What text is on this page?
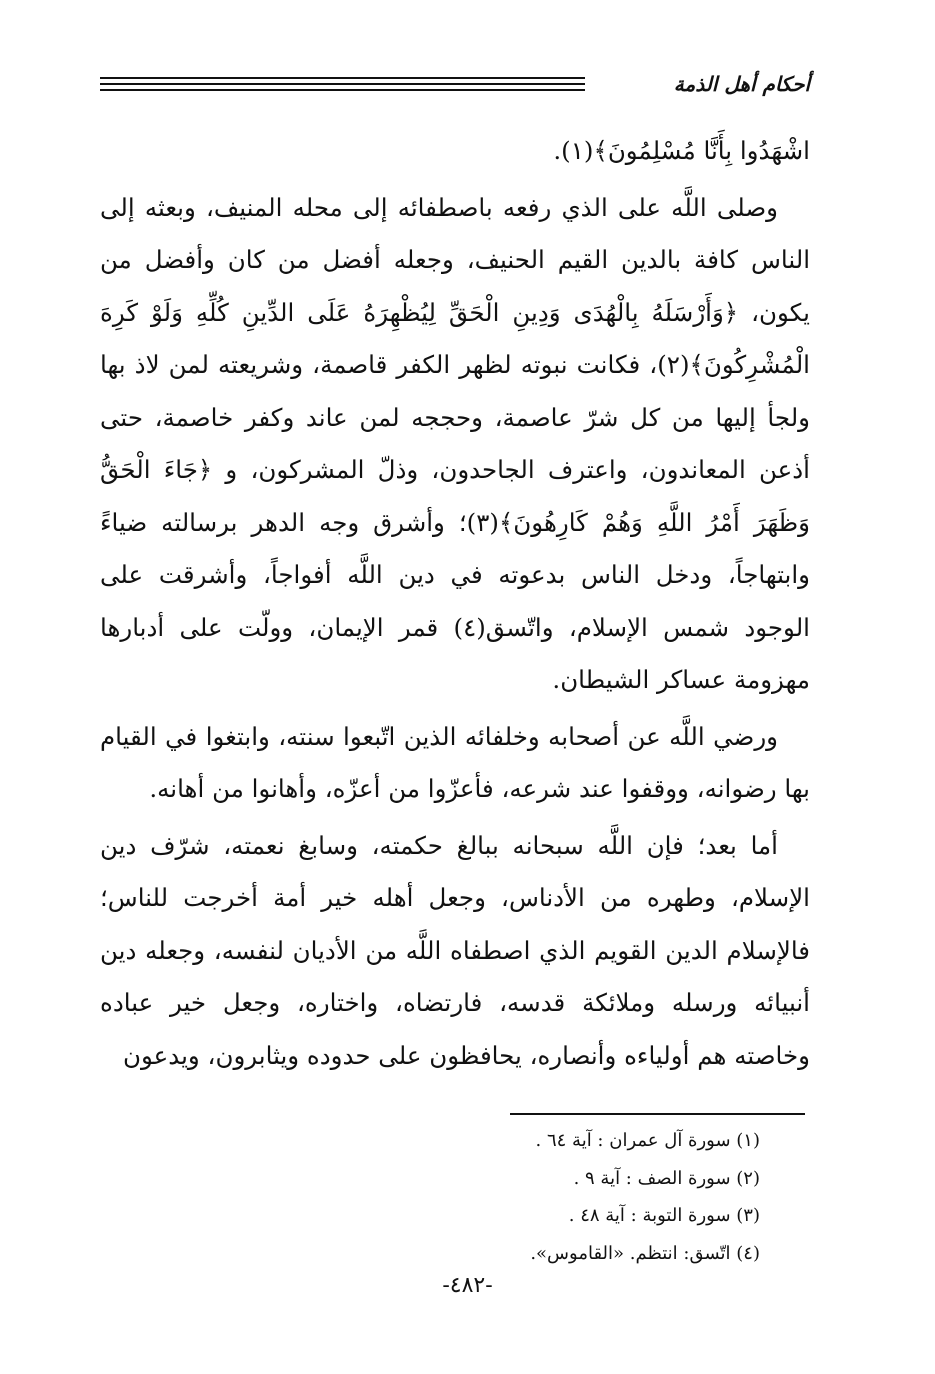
أحكام أهل الذمة

اشْهَدُوا بِأَنَّا مُسْلِمُونَ﴾(١).

وصلى اللَّه على الذي رفعه باصطفائه إلى محله المنيف، وبعثه إلى الناس كافة بالدين القيم الحنيف، وجعله أفضل من كان وأفضل من يكون، ﴿وَأَرْسَلَهُ بِالْهُدَى وَدِينِ الْحَقِّ لِيُظْهِرَهُ عَلَى الدِّينِ كُلِّهِ وَلَوْ كَرِهَ الْمُشْرِكُونَ﴾(٢)، فكانت نبوته لظهر الكفر قاصمة، وشريعته لمن لاذ بها ولجأ إليها من كل شرّ عاصمة، وحججه لمن عاند وكفر خاصمة، حتى أذعن المعاندون، واعترف الجاحدون، وذلّ المشركون، و ﴿جَاءَ الْحَقُّ وَظَهَرَ أَمْرُ اللَّهِ وَهُمْ كَارِهُونَ﴾(٣)؛ وأشرق وجه الدهر برسالته ضياءً وابتهاجاً، ودخل الناس بدعوته في دين اللَّه أفواجاً، وأشرقت على الوجود شمس الإسلام، واتّسق(٤) قمر الإيمان، وولّت على أدبارها مهزومة عساكر الشيطان.

ورضي اللَّه عن أصحابه وخلفائه الذين اتّبعوا سنته، وابتغوا في القيام بها رضوانه، ووقفوا عند شرعه، فأعزّوا من أعزّه، وأهانوا من أهانه.

أما بعد؛ فإن اللَّه سبحانه ببالغ حكمته، وسابغ نعمته، شرّف دين الإسلام، وطهره من الأدناس، وجعل أهله خير أمة أخرجت للناس؛ فالإسلام الدين القويم الذي اصطفاه اللَّه من الأديان لنفسه، وجعله دين أنبيائه ورسله وملائكة قدسه، فارتضاه، واختاره، وجعل خير عباده وخاصته هم أولياءه وأنصاره، يحافظون على حدوده ويثابرون، ويدعون

(١) سورة آل عمران : آية ٦٤ .
(٢) سورة الصف : آية ٩ .
(٣) سورة التوبة : آية ٤٨ .
(٤) اتّسق: انتظم. «القاموس».
-٤٨٢-
